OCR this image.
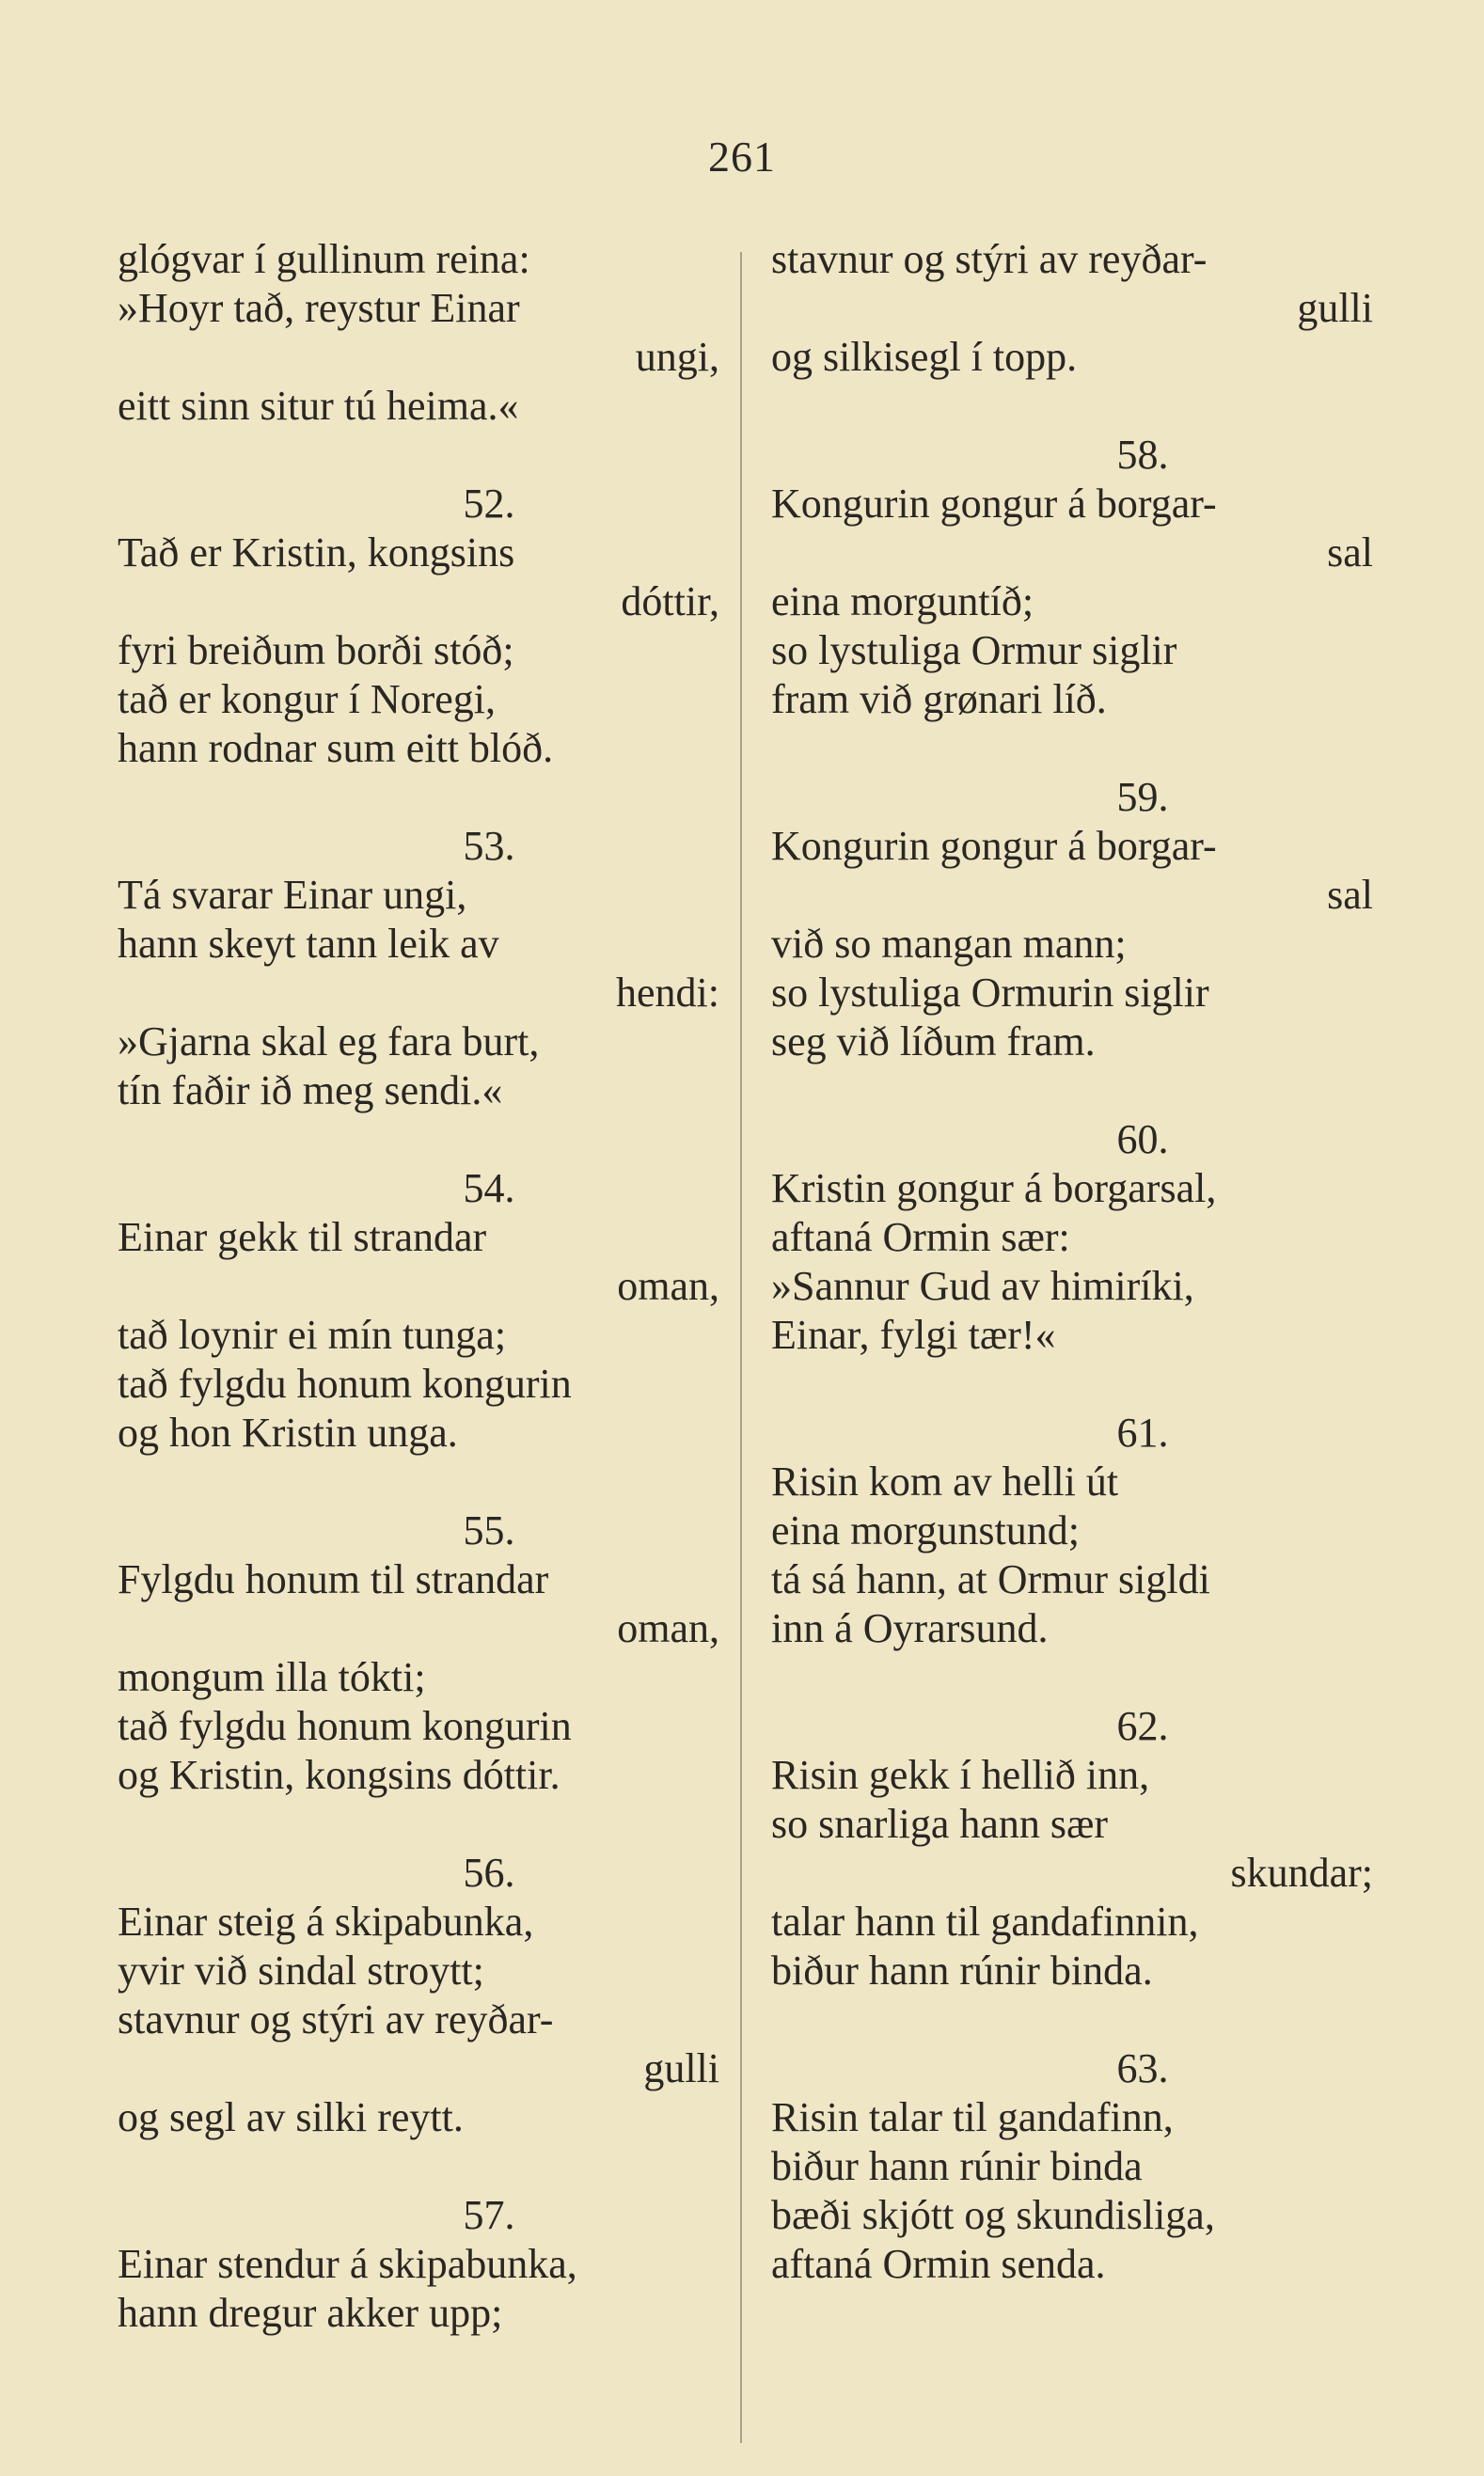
261
glógvar í gullinum reina:
»Hoyr tað, reystur Einar
ungi,
eitt sinn situr tú heima.«
52.
Tað er Kristin, kongsins
dóttir,
fyri breiðum borði stóð;
tað er kongur í Noregi,
hann rodnar sum eitt blóð.
53.
Tá svarar Einar ungi,
hann skeyt tann leik av
hendi:
»Gjarna skal eg fara burt,
tín faðir ið meg sendi.«
54.
Einar gekk til strandar
oman,
tað loynir ei mín tunga;
tað fylgdu honum kongurin
og hon Kristin unga.
55.
Fylgdu honum til strandar
oman,
mongum illa tókti;
tað fylgdu honum kongurin
og Kristin, kongsins dóttir.
56.
Einar steig á skipabunka,
yvir við sindal stroytt;
stavnur og stýri av reyðar-
gulli
og segl av silki reytt.
57.
Einar stendur á skipabunka,
hann dregur akker upp;
stavnur og stýri av reyðar-
gulli
og silkisegl í topp.
58.
Kongurin gongur á borgar-
sal
eina morguntíð;
so lystuliga Ormur siglir
fram við grønari líð.
59.
Kongurin gongur á borgar-
sal
við so mangan mann;
so lystuliga Ormurin siglir
seg við líðum fram.
60.
Kristin gongur á borgarsal,
aftaná Ormin sær:
»Sannur Gud av himiríki,
Einar, fylgi tær!«
61.
Risin kom av helli út
eina morgunstund;
tá sá hann, at Ormur sigldi
inn á Oyrarsund.
62.
Risin gekk í hellið inn,
so snarliga hann sær
skundar;
talar hann til gandafinnin,
biður hann rúnir binda.
63.
Risin talar til gandafinn,
biður hann rúnir binda
bæði skjótt og skundisliga,
aftaná Ormin senda.
